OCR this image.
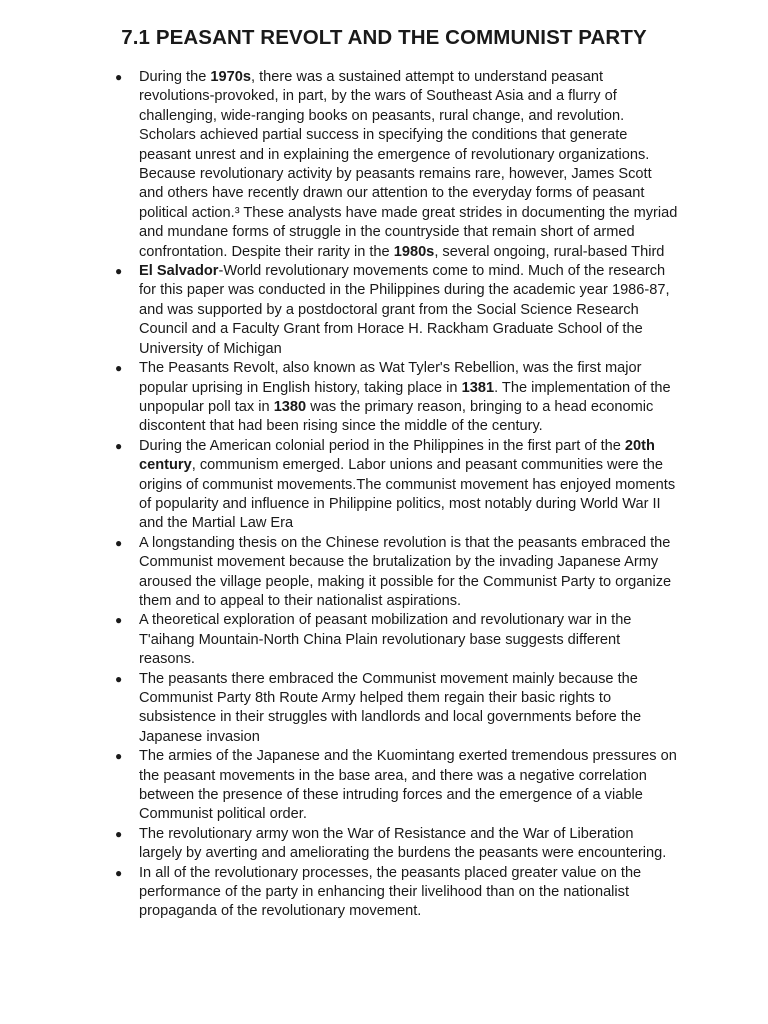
7.1 PEASANT REVOLT AND THE COMMUNIST PARTY
● During the 1970s, there was a sustained attempt to understand peasant revolutions-provoked, in part, by the wars of Southeast Asia and a flurry of challenging, wide-ranging books on peasants, rural change, and revolution. Scholars achieved partial success in specifying the conditions that generate peasant unrest and in explaining the emergence of revolutionary organizations. Because revolutionary activity by peasants remains rare, however, James Scott and others have recently drawn our attention to the everyday forms of peasant political action.³ These analysts have made great strides in documenting the myriad and mundane forms of struggle in the countryside that remain short of armed confrontation. Despite their rarity in the 1980s, several ongoing, rural-based Third
● El Salvador-World revolutionary movements come to mind. Much of the research for this paper was conducted in the Philippines during the academic year 1986-87, and was supported by a postdoctoral grant from the Social Science Research Council and a Faculty Grant from Horace H. Rackham Graduate School of the University of Michigan
● The Peasants Revolt, also known as Wat Tyler's Rebellion, was the first major popular uprising in English history, taking place in 1381. The implementation of the unpopular poll tax in 1380 was the primary reason, bringing to a head economic discontent that had been rising since the middle of the century.
● During the American colonial period in the Philippines in the first part of the 20th century, communism emerged. Labor unions and peasant communities were the origins of communist movements.The communist movement has enjoyed moments of popularity and influence in Philippine politics, most notably during World War II and the Martial Law Era
● A longstanding thesis on the Chinese revolution is that the peasants embraced the Communist movement because the brutalization by the invading Japanese Army aroused the village people, making it possible for the Communist Party to organize them and to appeal to their nationalist aspirations.
● A theoretical exploration of peasant mobilization and revolutionary war in the T'aihang Mountain-North China Plain revolutionary base suggests different reasons.
● The peasants there embraced the Communist movement mainly because the Communist Party 8th Route Army helped them regain their basic rights to subsistence in their struggles with landlords and local governments before the Japanese invasion
● The armies of the Japanese and the Kuomintang exerted tremendous pressures on the peasant movements in the base area, and there was a negative correlation between the presence of these intruding forces and the emergence of a viable Communist political order.
● The revolutionary army won the War of Resistance and the War of Liberation largely by averting and ameliorating the burdens the peasants were encountering.
● In all of the revolutionary processes, the peasants placed greater value on the performance of the party in enhancing their livelihood than on the nationalist propaganda of the revolutionary movement.
